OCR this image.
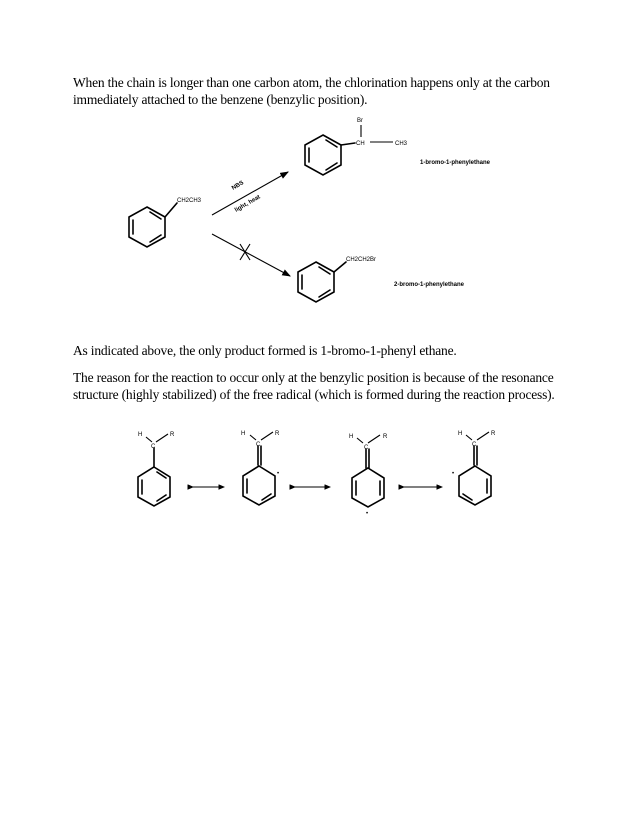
When the chain is longer than one carbon atom, the chlorination happens only at the carbon immediately attached to the benzene (benzylic position).
As indicated above, the only product formed is 1-bromo-1-phenyl ethane.
The reason for the reaction to occur only at the benzylic position is because of the resonance structure (highly stabilized) of the free radical (which is formed during the reaction process).
CH2CH3
NBS
light, heat
Br
CH	CH3
1-bromo-1-phenylethane
CH2CH2Br
2-bromo-1-phenylethane
H
C
R	H
C
R
•
H
C
R
•
H
C
R
•
